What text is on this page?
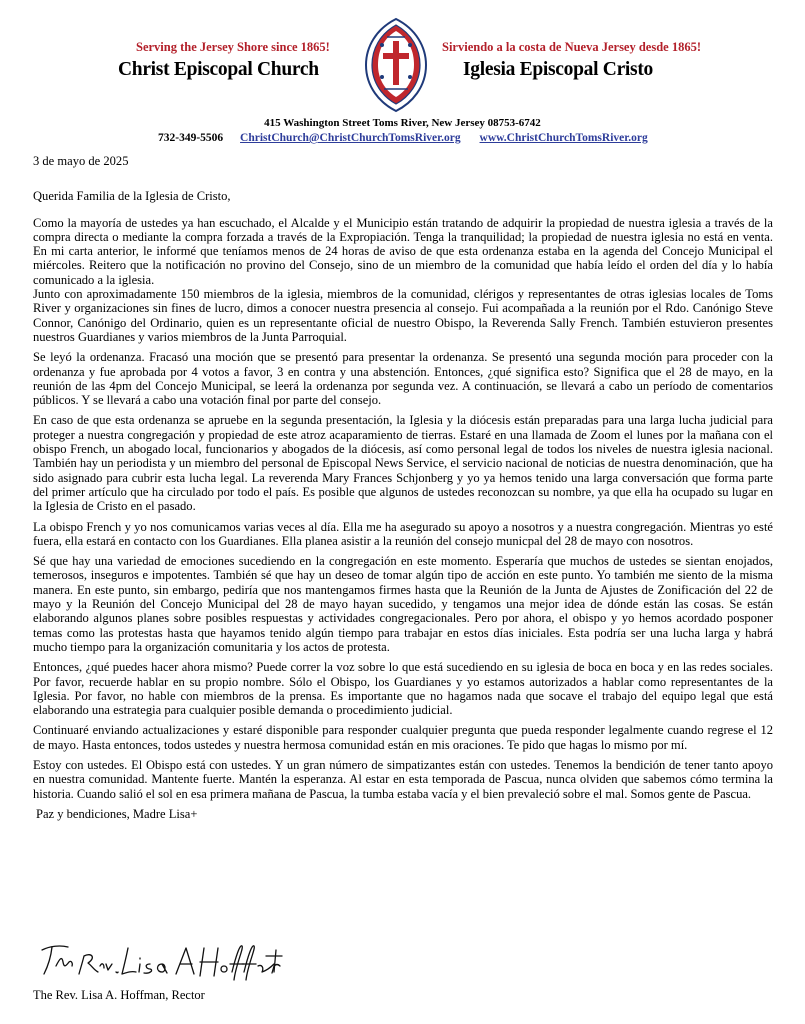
Serving the Jersey Shore since 1865!	Sirviendo a la costa de Nueva Jersey desde 1865!
Christ Episcopal Church	Iglesia Episcopal Cristo
415 Washington Street Toms River, New Jersey 08753-6742
732-349-5506 ChristChurch@ChristChurchTomsRiver.org www.ChristChurchTomsRiver.org

3 de mayo de 2025

Querida Familia de la Iglesia de Cristo,

Como la mayoría de ustedes ya han escuchado, el Alcalde y el Municipio están tratando de adquirir la propiedad de nuestra iglesia a través de la compra directa o mediante la compra forzada a través de la Expropiación. Tenga la tranquilidad; la propiedad de nuestra iglesia no está en venta. En mi carta anterior, le informé que teníamos menos de 24 horas de aviso de que esta ordenanza estaba en la agenda del Concejo Municipal el miércoles. Reitero que la notificación no provino del Consejo, sino de un miembro de la comunidad que había leído el orden del día y lo había comunicado a la iglesia.

Junto con aproximadamente 150 miembros de la iglesia, miembros de la comunidad, clérigos y representantes de otras iglesias locales de Toms River y organizaciones sin fines de lucro, dimos a conocer nuestra presencia al consejo. Fui acompañada a la reunión por el Rdo. Canónigo Steve Connor, Canónigo del Ordinario, quien es un representante oficial de nuestro Obispo, la Reverenda Sally French. También estuvieron presentes nuestros Guardianes y varios miembros de la Junta Parroquial.

Se leyó la ordenanza. Fracasó una moción que se presentó para presentar la ordenanza. Se presentó una segunda moción para proceder con la ordenanza y fue aprobada por 4 votos a favor, 3 en contra y una abstención. Entonces, ¿qué significa esto? Significa que el 28 de mayo, en la reunión de las 4pm del Concejo Municipal, se leerá la ordenanza por segunda vez. A continuación, se llevará a cabo un período de comentarios públicos. Y se llevará a cabo una votación final por parte del consejo.

En caso de que esta ordenanza se apruebe en la segunda presentación, la Iglesia y la diócesis están preparadas para una larga lucha judicial para proteger a nuestra congregación y propiedad de este atroz acaparamiento de tierras. Estaré en una llamada de Zoom el lunes por la mañana con el obispo French, un abogado local, funcionarios y abogados de la diócesis, así como personal legal de todos los niveles de nuestra iglesia nacional. También hay un periodista y un miembro del personal de Episcopal News Service, el servicio nacional de noticias de nuestra denominación, que ha sido asignado para cubrir esta lucha legal. La reverenda Mary Frances Schjonberg y yo ya hemos tenido una larga conversación que forma parte del primer artículo que ha circulado por todo el país. Es posible que algunos de ustedes reconozcan su nombre, ya que ella ha ocupado su lugar en la Iglesia de Cristo en el pasado.

La obispo French y yo nos comunicamos varias veces al día. Ella me ha asegurado su apoyo a nosotros y a nuestra congregación. Mientras yo esté fuera, ella estará en contacto con los Guardianes. Ella planea asistir a la reunión del consejo municpal del 28 de mayo con nosotros.

Sé que hay una variedad de emociones sucediendo en la congregación en este momento. Esperaría que muchos de ustedes se sientan enojados, temerosos, inseguros e impotentes. También sé que hay un deseo de tomar algún tipo de acción en este punto. Yo también me siento de la misma manera. En este punto, sin embargo, pediría que nos mantengamos firmes hasta que la Reunión de la Junta de Ajustes de Zonificación del 22 de mayo y la Reunión del Concejo Municipal del 28 de mayo hayan sucedido, y tengamos una mejor idea de dónde están las cosas. Se están elaborando algunos planes sobre posibles respuestas y actividades congregacionales. Pero por ahora, el obispo y yo hemos acordado posponer temas como las protestas hasta que hayamos tenido algún tiempo para trabajar en estos días iniciales. Esta podría ser una lucha larga y habrá mucho tiempo para la organización comunitaria y los actos de protesta.

Entonces, ¿qué puedes hacer ahora mismo? Puede correr la voz sobre lo que está sucediendo en su iglesia de boca en boca y en las redes sociales. Por favor, recuerde hablar en su propio nombre. Sólo el Obispo, los Guardianes y yo estamos autorizados a hablar como representantes de la Iglesia. Por favor, no hable con miembros de la prensa. Es importante que no hagamos nada que socave el trabajo del equipo legal que está elaborando una estrategia para cualquier posible demanda o procedimiento judicial.

Continuaré enviando actualizaciones y estaré disponible para responder cualquier pregunta que pueda responder legalmente cuando regrese el 12 de mayo. Hasta entonces, todos ustedes y nuestra hermosa comunidad están en mis oraciones. Te pido que hagas lo mismo por mí.

Estoy con ustedes. El Obispo está con ustedes. Y un gran número de simpatizantes están con ustedes. Tenemos la bendición de tener tanto apoyo en nuestra comunidad. Mantente fuerte. Mantén la esperanza. Al estar en esta temporada de Pascua, nunca olviden que sabemos cómo termina la historia. Cuando salió el sol en esa primera mañana de Pascua, la tumba estaba vacía y el bien prevaleció sobre el mal. Somos gente de Pascua.

Paz y bendiciones, Madre Lisa+
The Rev. Lisa A. Hoffman, Rector
